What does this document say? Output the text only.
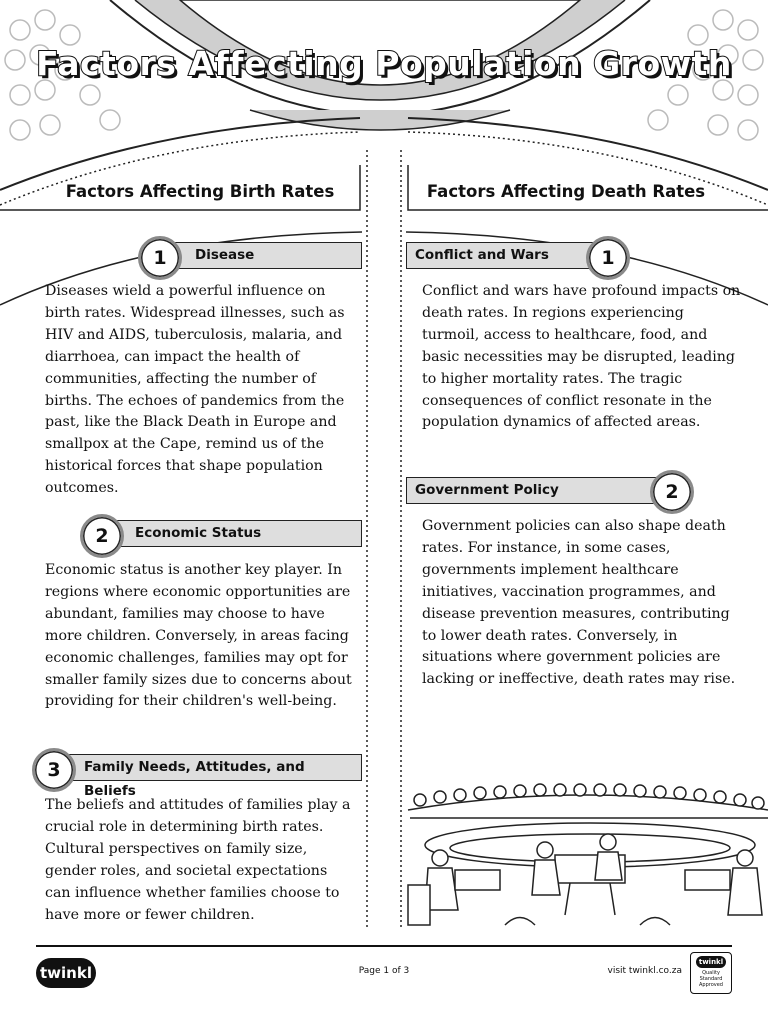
Factors Affecting Population Growth
Factors Affecting Birth Rates
Disease
1
Diseases wield a powerful influence on birth rates. Widespread illnesses, such as HIV and AIDS, tuberculosis, malaria, and diarrhoea, can impact the health of communities, affecting the number of births. The echoes of pandemics from the past, like the Black Death in Europe and smallpox at the Cape, remind us of the historical forces that shape population outcomes.
Economic Status
2
Economic status is another key player. In regions where economic opportunities are abundant, families may choose to have more children. Conversely, in areas facing economic challenges, families may opt for smaller family sizes due to concerns about providing for their children's well-being.
Family Needs, Attitudes, and Beliefs
3
The beliefs and attitudes of families play a crucial role in determining birth rates. Cultural perspectives on family size, gender roles, and societal expectations can influence whether families choose to have more or fewer children.
Factors Affecting Death Rates
Conflict and Wars	1
Conflict and wars have profound impacts on death rates. In regions experiencing turmoil, access to healthcare, food, and basic necessities may be disrupted, leading to higher mortality rates. The tragic consequences of conflict resonate in the population dynamics of affected areas.
Government Policy	2
Government policies can also shape death rates. For instance, in some cases, governments implement healthcare initiatives, vaccination programmes, and disease prevention measures, contributing to lower death rates. Conversely, in situations where government policies are lacking or ineffective, death rates may rise.
twinkl	Page 1 of 3	visit twinkl.co.za
twinkl
Quality Standard Approved
